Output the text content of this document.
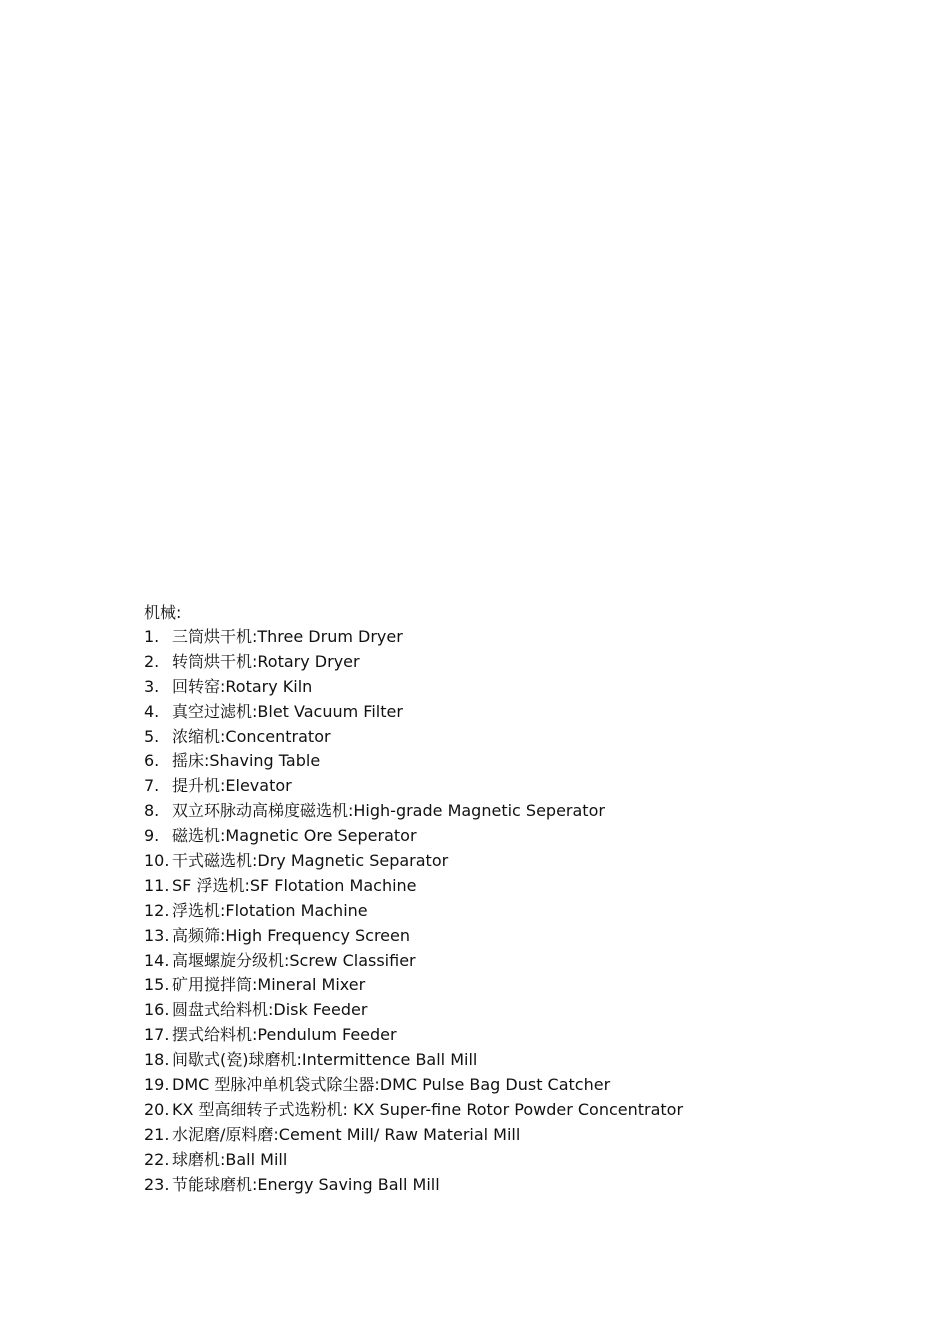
机械:
1. 三筒烘干机:Three Drum Dryer
2. 转筒烘干机:Rotary Dryer
3. 回转窑:Rotary Kiln
4. 真空过滤机:Blet Vacuum Filter
5. 浓缩机:Concentrator
6. 摇床:Shaving Table
7. 提升机:Elevator
8. 双立环脉动高梯度磁选机:High-grade Magnetic Seperator
9. 磁选机:Magnetic Ore Seperator
10. 干式磁选机:Dry Magnetic Separator
11. SF 浮选机:SF Flotation Machine
12. 浮选机:Flotation Machine
13. 高频筛:High Frequency Screen
14. 高堰螺旋分级机:Screw Classifier
15. 矿用搅拌筒:Mineral Mixer
16. 圆盘式给料机:Disk Feeder
17. 摆式给料机:Pendulum Feeder
18. 间歇式(瓷)球磨机:Intermittence Ball Mill
19. DMC 型脉冲单机袋式除尘器:DMC Pulse Bag Dust Catcher
20. KX 型高细转子式选粉机: KX Super-fine Rotor Powder Concentrator
21. 水泥磨/原料磨:Cement Mill/ Raw Material Mill
22. 球磨机:Ball Mill
23. 节能球磨机:Energy Saving Ball Mill
